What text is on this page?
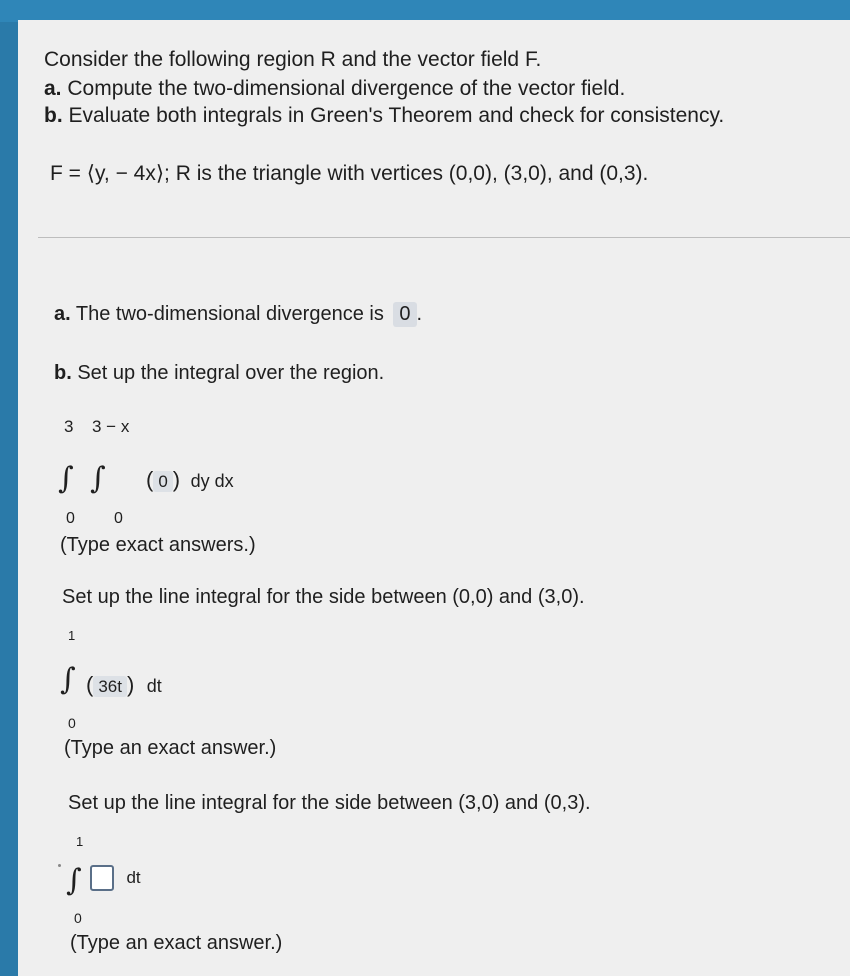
Consider the following region R and the vector field F.
a. Compute the two-dimensional divergence of the vector field.
b. Evaluate both integrals in Green's Theorem and check for consistency.
F = ⟨y, − 4x⟩; R is the triangle with vertices (0,0), (3,0), and (0,3).
a. The two-dimensional divergence is 0 .
b. Set up the integral over the region.
3 3 − x
∫ ∫ ( 0 ) dy dx
0 0
(Type exact answers.)
Set up the line integral for the side between (0,0) and (3,0).
1
∫ ( 36t ) dt
0
(Type an exact answer.)
Set up the line integral for the side between (3,0) and (0,3).
1
∫	dt
0
(Type an exact answer.)
